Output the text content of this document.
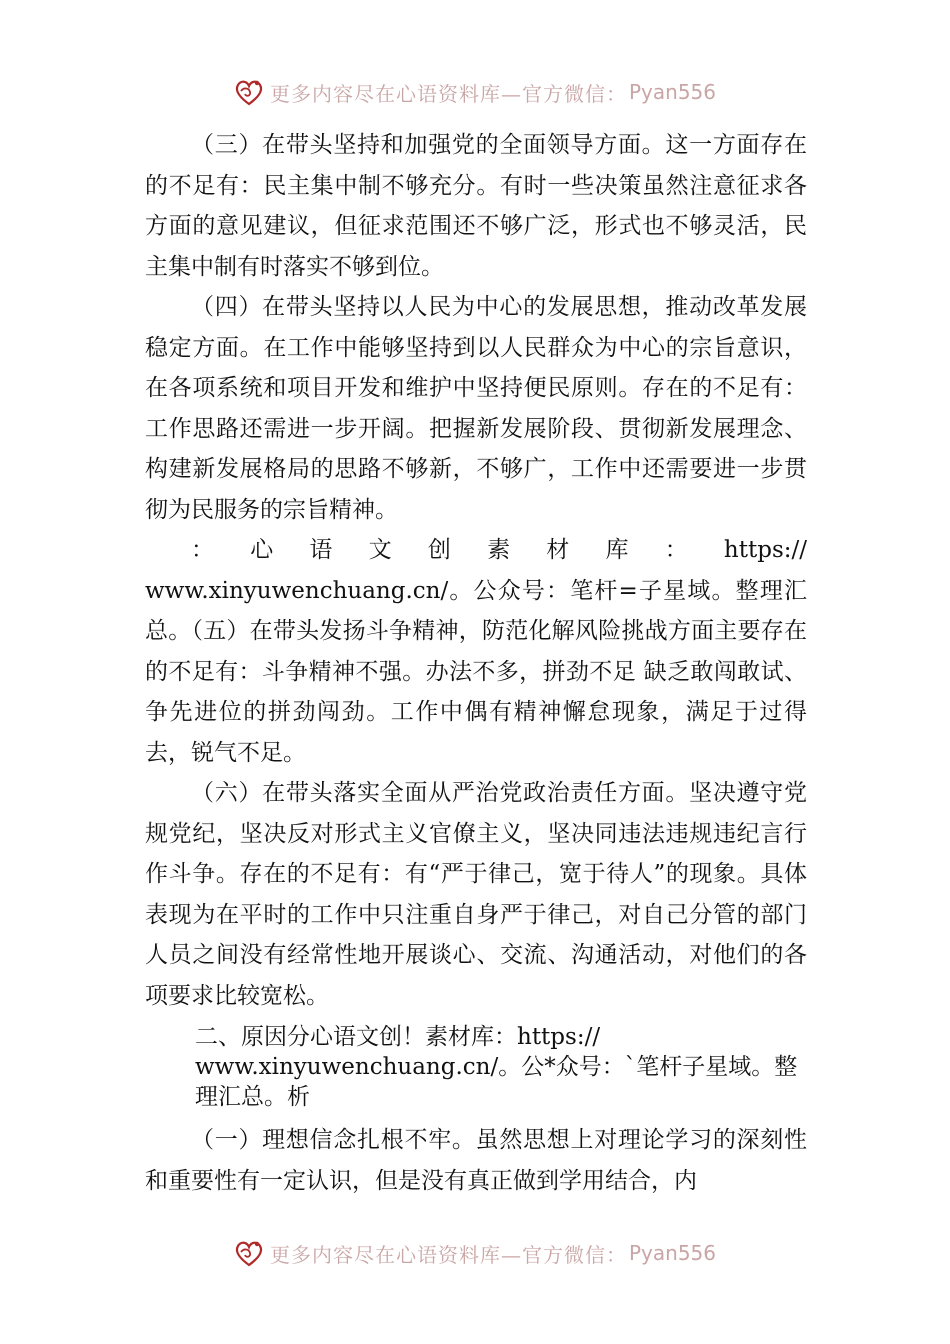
更多内容尽在心语资料库—官方微信： Pyan556

（三）在带头坚持和加强党的全面领导方面。这一方面存在的不足有：民主集中制不够充分。有时一些决策虽然注意征求各方面的意见建议，但征求范围还不够广泛，形式也不够灵活，民主集中制有时落实不够到位。

（四）在带头坚持以人民为中心的发展思想，推动改革发展稳定方面。在工作中能够坚持到以人民群众为中心的宗旨意识，在各项系统和项目开发和维护中坚持便民原则。存在的不足有：工作思路还需进一步开阔。把握新发展阶段、贯彻新发展理念、构建新发展格局的思路不够新，不够广，工作中还需要进一步贯彻为民服务的宗旨精神。

：心语文创素材库：https://

www.xinyuwenchuang.cn/。公众号：笔杆=子星域。整理汇总。（五）在带头发扬斗争精神，防范化解风险挑战方面主要存在的不足有：斗争精神不强。办法不多，拼劲不足 缺乏敢闯敢试、争先进位的拼劲闯劲。工作中偶有精神懈怠现象，满足于过得去，锐气不足。

（六）在带头落实全面从严治党政治责任方面。坚决遵守党规党纪，坚决反对形式主义官僚主义，坚决同违法违规违纪言行作斗争。存在的不足有：有“严于律己，宽于待人”的现象。具体表现为在平时的工作中只注重自身严于律己，对自己分管的部门人员之间没有经常性地开展谈心、交流、沟通活动，对他们的各项要求比较宽松。

二、原因分心语文创！素材库：https:// www.xinyuwenchuang.cn/。公*众号：`笔杆子星域。整理汇总。析

（一）理想信念扎根不牢。虽然思想上对理论学习的深刻性和重要性有一定认识，但是没有真正做到学用结合，内

更多内容尽在心语资料库—官方微信： Pyan556
